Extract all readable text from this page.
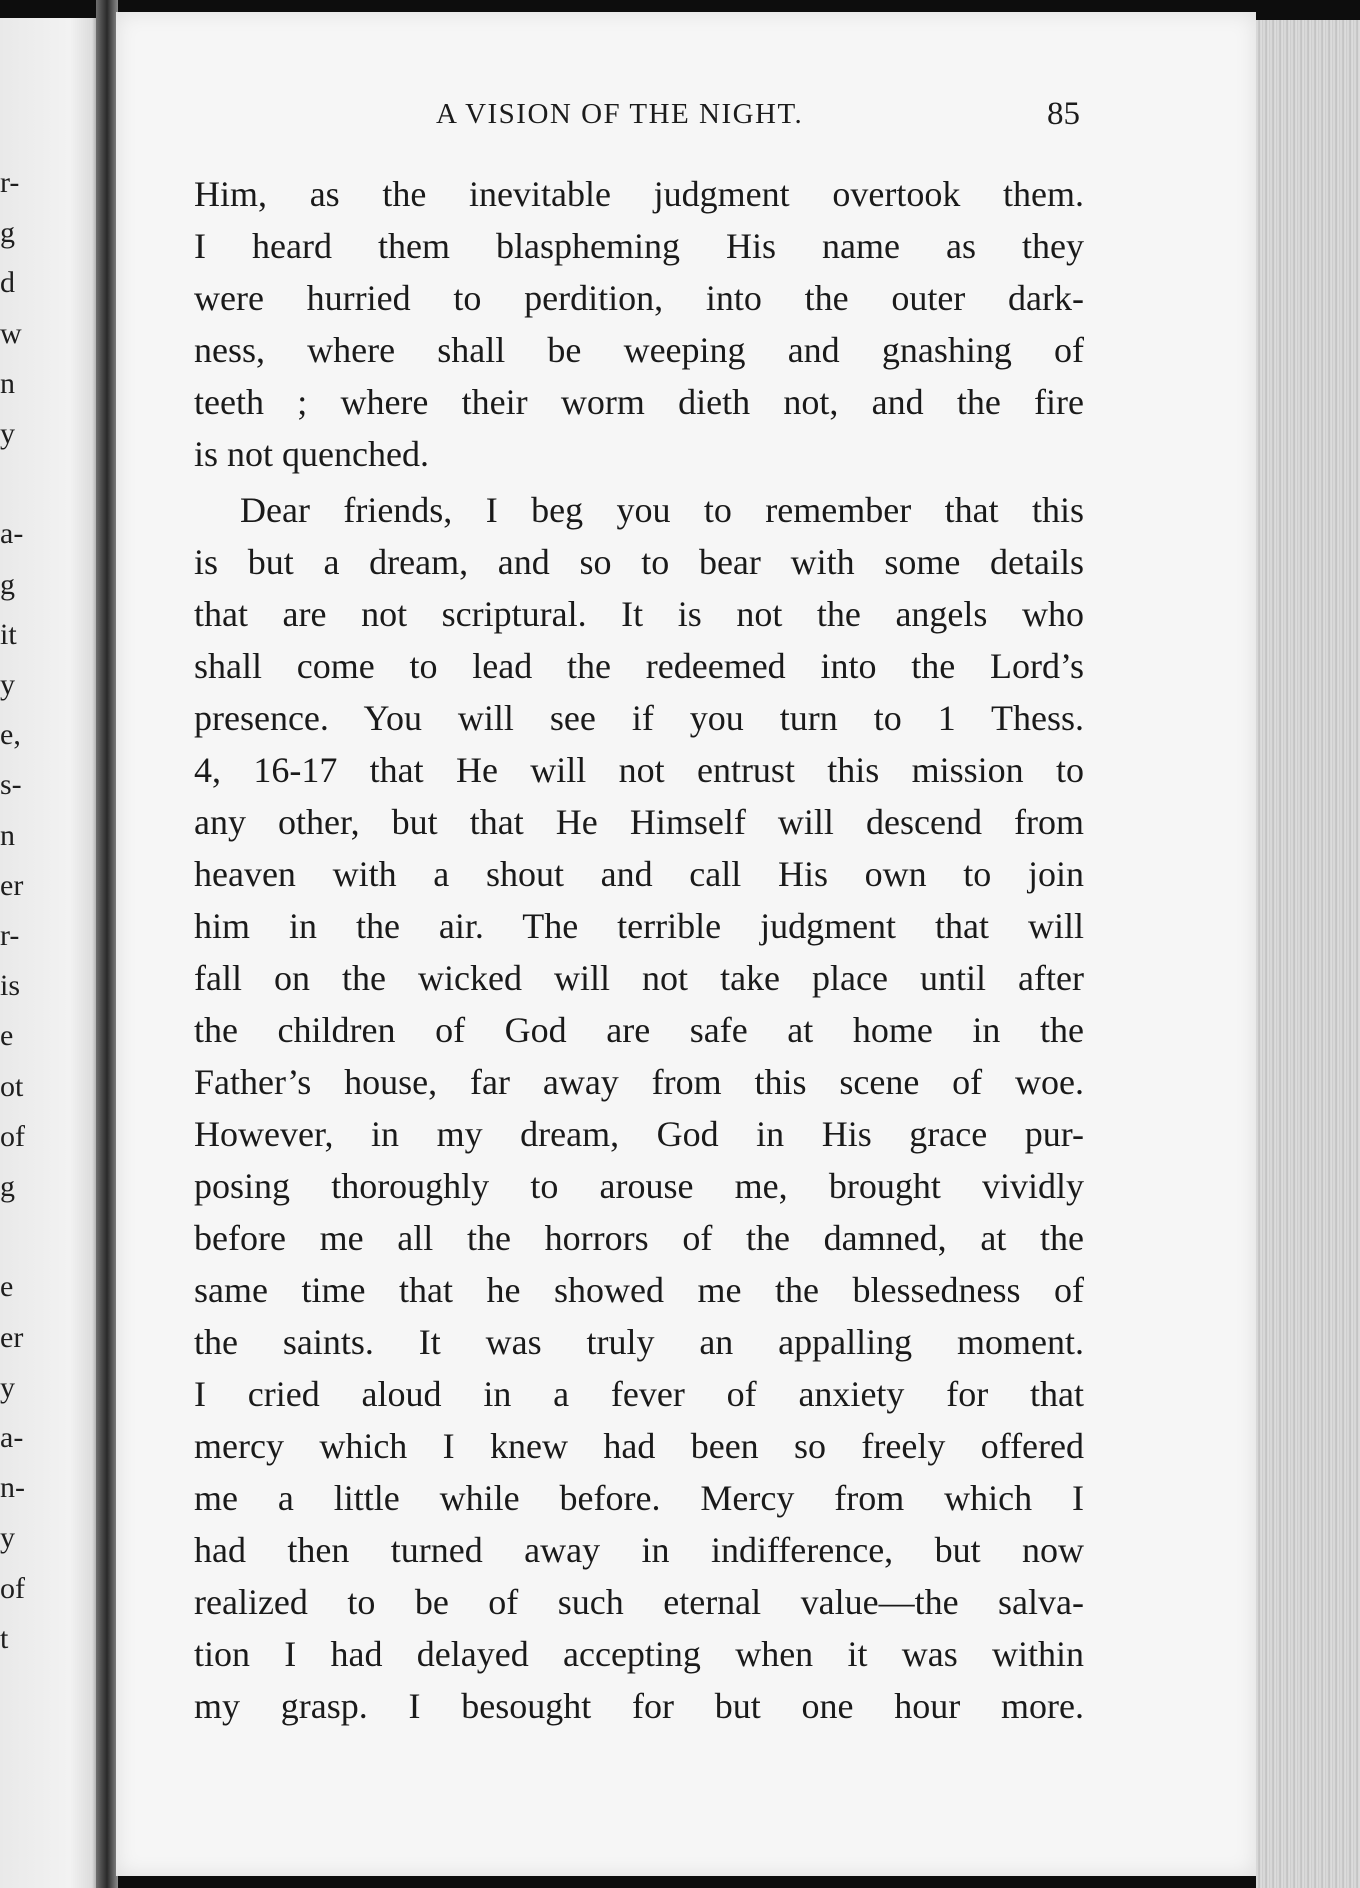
r-
g
d
w
n
y
a-
g
it
y
e,
s-
n
er
r-
is
e
ot
of
g
e
er
y
a-
n-
y
of
t
A VISION OF THE NIGHT.	85
Him, as the inevitable judgment overtook them.
I heard them blaspheming His name as they
were hurried to perdition, into the outer dark-
ness, where shall be weeping and gnashing of
teeth ; where their worm dieth not, and the fire
is not quenched.
Dear friends, I beg you to remember that this
is but a dream, and so to bear with some details
that are not scriptural. It is not the angels who
shall come to lead the redeemed into the Lord’s
presence. You will see if you turn to 1 Thess.
4, 16-17 that He will not entrust this mission to
any other, but that He Himself will descend from
heaven with a shout and call His own to join
him in the air. The terrible judgment that will
fall on the wicked will not take place until after
the children of God are safe at home in the
Father’s house, far away from this scene of woe.
However, in my dream, God in His grace pur-
posing thoroughly to arouse me, brought vividly
before me all the horrors of the damned, at the
same time that he showed me the blessedness of
the saints. It was truly an appalling moment.
I cried aloud in a fever of anxiety for that
mercy which I knew had been so freely offered
me a little while before. Mercy from which I
had then turned away in indifference, but now
realized to be of such eternal value—the salva-
tion I had delayed accepting when it was within
my grasp. I besought for but one hour more.
